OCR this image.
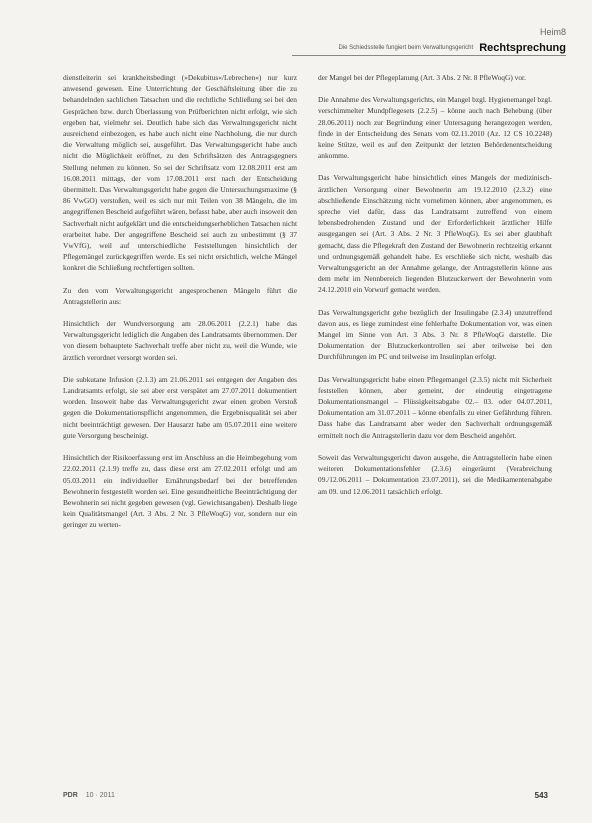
Heim8
Die Schiedsstelle fungiert beim Verwaltungsgericht Rechtsprechung

dienstleiterin sei krankheitsbedingt (»Dekubitus«/Lebrechen«) nur kurz anwesend gewesen. Eine Unterrichtung der Geschäftsleitung über die zu behandelnden sachlichen Tatsachen und die rechtliche Schließung sei bei den Gesprächen bzw. durch Überlassung von Prüfberichten nicht erfolgt, wie sich ergeben hat, vielmehr sei. Deutlich habe sich das Verwaltungsgericht nicht ausreichend einbezogen, es habe auch nicht eine Nachholung, die nur durch die Verwaltung möglich sei, ausgeführt. Das Verwaltungsgericht habe auch nicht die Möglichkeit eröffnet, zu den Schriftsätzen des Antragsgegners Stellung nehmen zu können. So sei der Schriftsatz vom 12.08.2011 erst am 16.08.2011 mittags, der vom 17.08.2011 erst nach der Entscheidung übermittelt. Das Verwaltungsgericht habe gegen die Untersuchungsmaxime (§ 86 VwGO) verstoßen, weil es sich nur mit Teilen von 38 Mängeln, die im angegriffenen Bescheid aufgeführt wären, befasst habe, aber auch insoweit den Sachverhalt nicht aufgeklärt und die entscheidungserheblichen Tatsachen nicht erarbeitet habe. Der angegriffene Bescheid sei auch zu unbestimmt (§ 37 VwVfG), weil auf unterschiedliche Feststellungen hinsichtlich der Pflegemängel zurückgegriffen werde. Es sei nicht ersichtlich, welche Mängel konkret die Schließung rechtfertigen sollten.

Zu den vom Verwaltungsgericht angesprochenen Mängeln führt die Antragstellerin aus:

Hinsichtlich der Wundversorgung am 28.06.2011 (2.2.1) habe das Verwaltungsgericht lediglich die Angaben des Landratsamts übernommen. Der von diesem behauptete Sachverhalt treffe aber nicht zu, weil die Wunde, wie ärztlich verordnet versorgt worden sei.

Die subkutane Infusion (2.1.3) am 21.06.2011 sei entgegen der Angaben des Landratsamts erfolgt, sie sei aber erst verspätet am 27.07.2011 dokumentiert worden. Insoweit habe das Verwaltungsgericht zwar einen groben Verstoß gegen die Dokumentationspflicht angenommen, die Ergebnisqualität sei aber nicht beeinträchtigt gewesen. Der Hausarzt habe am 05.07.2011 eine weitere gute Versorgung bescheinigt.

Hinsichtlich der Risikoerfassung erst im Anschluss an die Heimbegehung vom 22.02.2011 (2.1.9) treffe zu, dass diese erst am 27.02.2011 erfolgt und am 05.03.2011 ein individueller Ernährungsbedarf bei der betreffenden Bewohnerin festgestellt worden sei. Eine gesundheitliche Beeinträchtigung der Bewohnerin sei nicht gegeben gewesen (vgl. Gewichtsangaben). Deshalb liege kein Qualitätsmangel (Art. 3 Abs. 2 Nr. 3 PfleWoqG) vor, sondern nur ein geringer zu werten-

der Mangel bei der Pflegeplanung (Art. 3 Abs. 2 Nr. 8 PfleWoqG) vor.

Die Annahme des Verwaltungsgerichts, ein Mangel bzgl. Hygienemangel bzgl. verschimmelter Mundpflegesets (2.2.5) – könne auch nach Behebung (über 28.06.2011) noch zur Begründung einer Untersagung herangezogen werden, finde in der Entscheidung des Senats vom 02.11.2010 (Az. 12 CS 10.2248) keine Stütze, weil es auf den Zeitpunkt der letzten Behördenentscheidung ankomme.

Das Verwaltungsgericht habe hinsichtlich eines Mangels der medizinisch-ärztlichen Versorgung einer Bewohnerin am 19.12.2010 (2.3.2) eine abschließende Einschätzung nicht vornehmen können, aber angenommen, es spreche viel dafür, dass das Landratsamt zutreffend von einem lebensbedrohenden Zustand und der Erforderlichkeit ärztlicher Hilfe ausgegangen sei (Art. 3 Abs. 2 Nr. 3 PfleWoqG). Es sei aber glaubhaft gemacht, dass die Pflegekraft den Zustand der Bewohnerin rechtzeitig erkannt und ordnungsgemäß gehandelt habe. Es erschließe sich nicht, weshalb das Verwaltungsgericht an der Annahme gelange, der Antragstellerin könne aus dem mehr im Nennbereich liegenden Blutzuckerwert der Bewohnerin vom 24.12.2010 ein Vorwurf gemacht werden.

Das Verwaltungsgericht gehe bezüglich der Insulingabe (2.3.4) unzutreffend davon aus, es liege zumindest eine fehlerhafte Dokumentation vor, was einen Mangel im Sinne von Art. 3 Abs. 3 Nr. 8 PfleWoqG darstelle. Die Dokumentation der Blutzuckerkontrollen sei aber teilweise bei den Durchführungen im PC und teilweise im Insulinplan erfolgt.

Das Verwaltungsgericht habe einen Pflegemangel (2.3.5) nicht mit Sicherheit feststellen können, aber gemeint, der eindeutig eingetragene Dokumentationsmangel – Flüssigkeitsabgabe 02.– 03. oder 04.07.2011, Dokumentation am 31.07.2011 – könne ebenfalls zu einer Gefährdung führen. Dass habe das Landratsamt aber weder den Sachverhalt ordnungsgemäß ermittelt noch die Antragstellerin dazu vor dem Bescheid angehört.

Soweit das Verwaltungsgericht davon ausgehe, die Antragstellerin habe einen weiteren Dokumentationsfehler (2.3.6) eingeräumt (Verabreichung 09./12.06.2011 – Dokumentation 23.07.2011), sei die Medikamentenabgabe am 09. und 12.06.2011 tatsächlich erfolgt.

PDR 10 · 2011	543
